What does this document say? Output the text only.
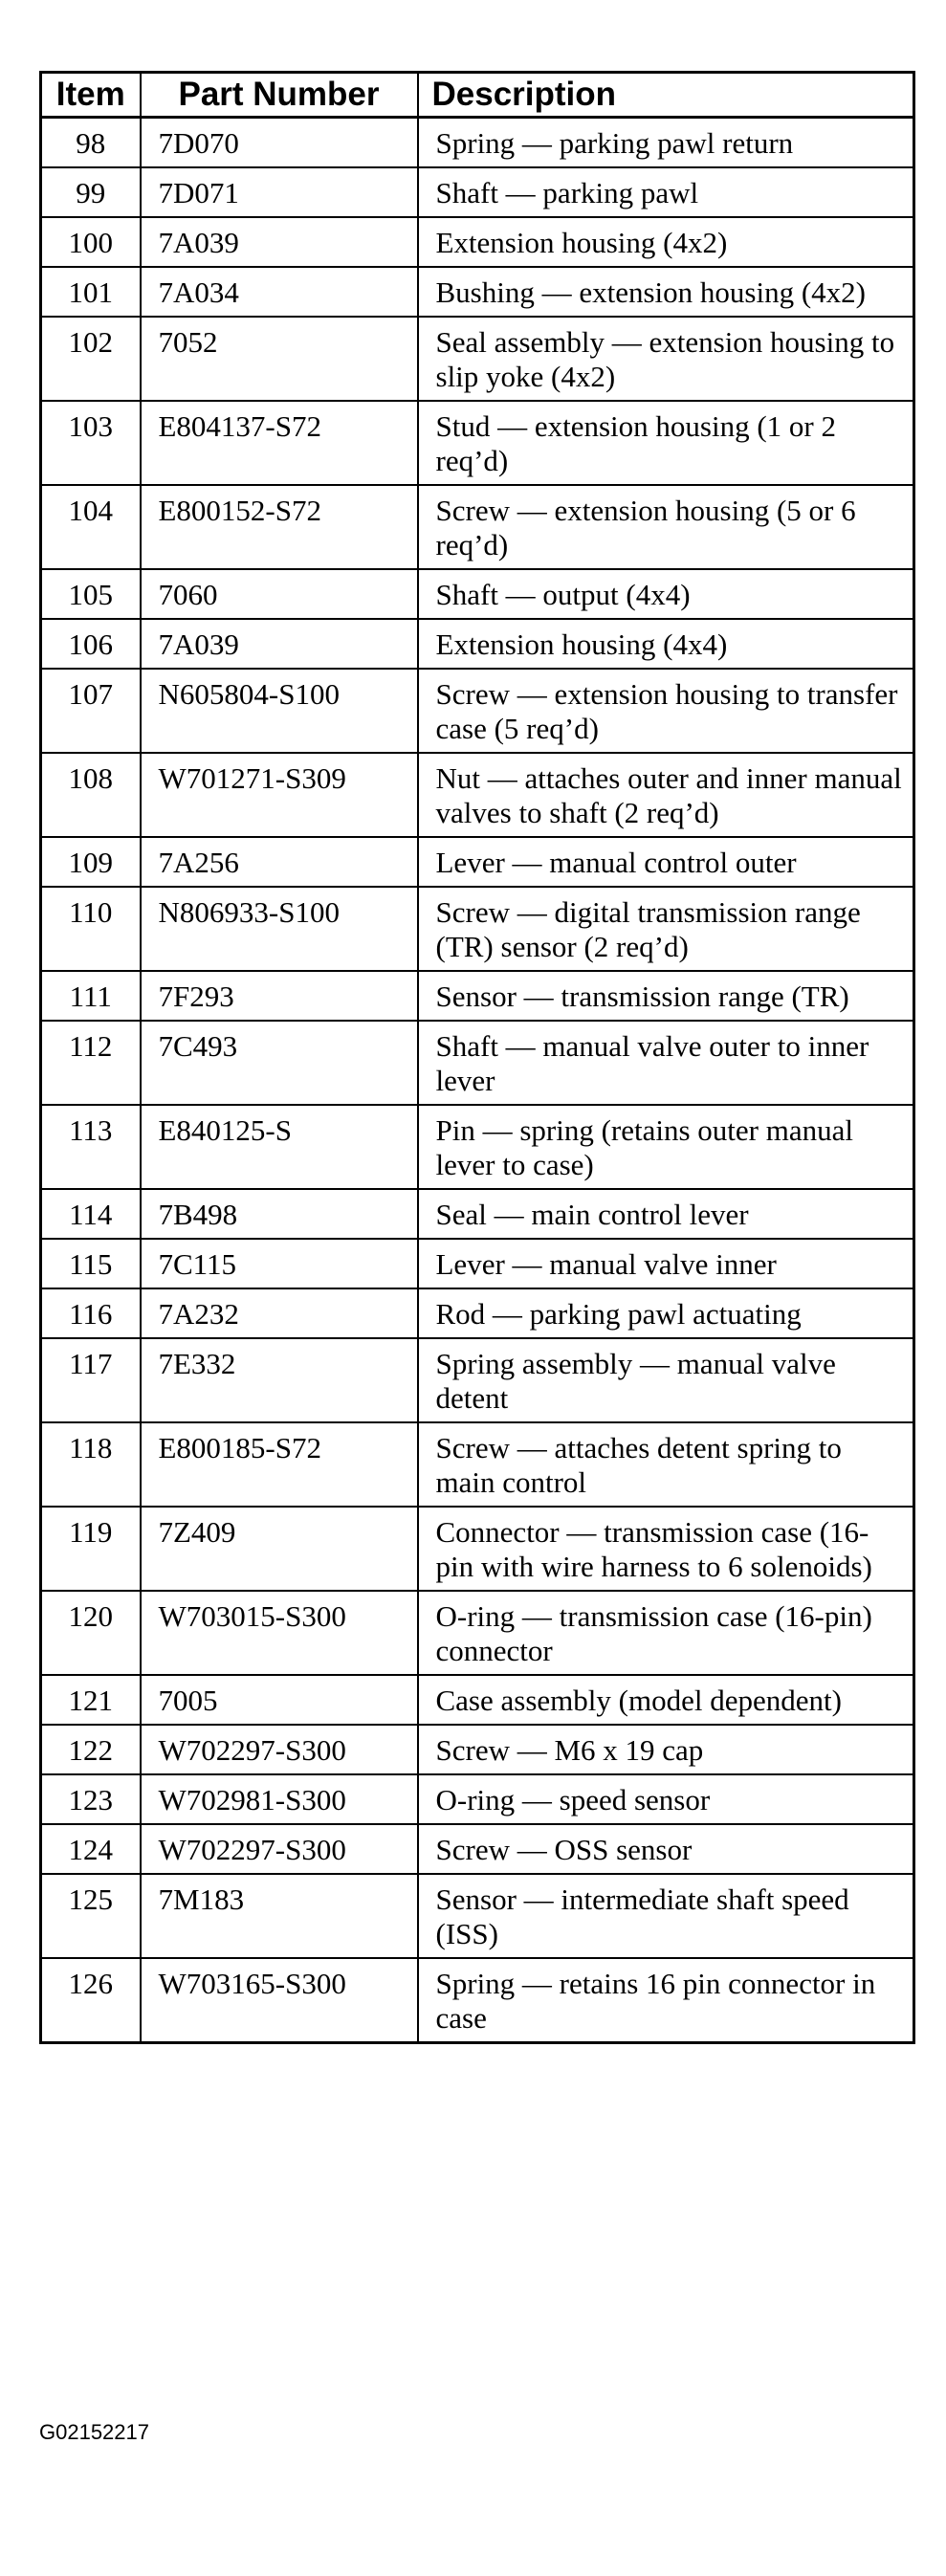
Item	Part Number	Description
98	7D070	Spring — parking pawl return
99	7D071	Shaft — parking pawl
100	7A039	Extension housing (4x2)
101	7A034	Bushing — extension housing (4x2)
102	7052	Seal assembly — extension housing to slip yoke (4x2)
103	E804137-S72	Stud — extension housing (1 or 2 req’d)
104	E800152-S72	Screw — extension housing (5 or 6 req’d)
105	7060	Shaft — output (4x4)
106	7A039	Extension housing (4x4)
107	N605804-S100	Screw — extension housing to transfer case (5 req’d)
108	W701271-S309	Nut — attaches outer and inner manual valves to shaft (2 req’d)
109	7A256	Lever — manual control outer
110	N806933-S100	Screw — digital transmission range (TR) sensor (2 req’d)
111	7F293	Sensor — transmission range (TR)
112	7C493	Shaft — manual valve outer to inner lever
113	E840125-S	Pin — spring (retains outer manual lever to case)
114	7B498	Seal — main control lever
115	7C115	Lever — manual valve inner
116	7A232	Rod — parking pawl actuating
117	7E332	Spring assembly — manual valve detent
118	E800185-S72	Screw — attaches detent spring to main control
119	7Z409	Connector — transmission case (16-pin with wire harness to 6 solenoids)
120	W703015-S300	O-ring — transmission case (16-pin) connector
121	7005	Case assembly (model dependent)
122	W702297-S300	Screw — M6 x 19 cap
123	W702981-S300	O-ring — speed sensor
124	W702297-S300	Screw — OSS sensor
125	7M183	Sensor — intermediate shaft speed (ISS)
126	W703165-S300	Spring — retains 16 pin connector in case
G02152217
